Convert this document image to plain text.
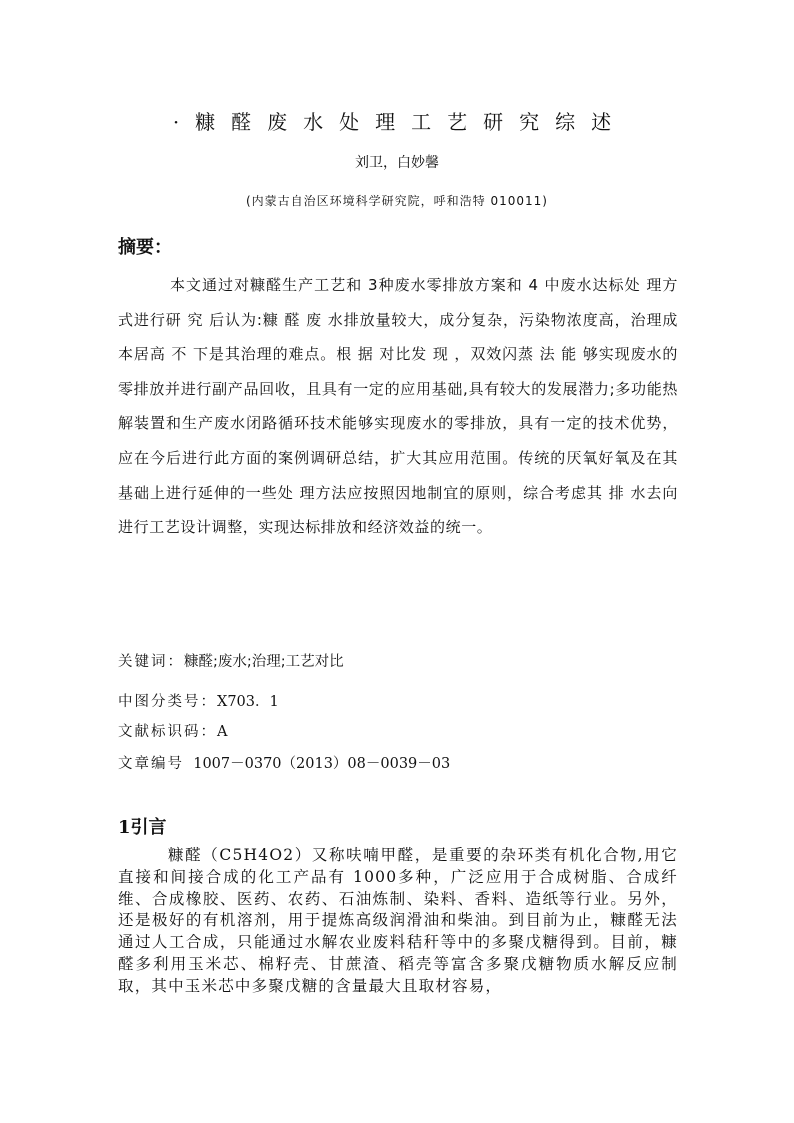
·糠醛废水处理工艺研究综述
刘卫，白妙馨
(内蒙古自治区环境科学研究院，呼和浩特 010011)
摘要：
本文通过对糠醛生产工艺和 3种废水零排放方案和 4 中废水达标处 理方式进行研 究 后认为:糠 醛 废 水排放量较大，成分复杂，污染物浓度高，治理成本居高 不 下是其治理的难点。根 据 对比发 现 ，双效闪蒸 法 能 够实现废水的零排放并进行副产品回收，且具有一定的应用基础,具有较大的发展潜力;多功能热解装置和生产废水闭路循环技术能够实现废水的零排放，具有一定的技术优势，应在今后进行此方面的案例调研总结，扩大其应用范围。传统的厌氧好氧及在其基础上进行延伸的一些处 理方法应按照因地制宜的原则，综合考虑其 排 水去向进行工艺设计调整，实现达标排放和经济效益的统一。
关键词：糠醛;废水;治理;工艺对比
中图分类号：X703．1
文献标识码：A
文章编号 1007－0370（2013）08－0039－03
1引言
糠醛（C5H4O2）又称呋喃甲醛，是重要的杂环类有机化合物,用它直接和间接合成的化工产品有 1000多种，广泛应用于合成树脂、合成纤维、合成橡胶、医药、农药、石油炼制、染料、香料、造纸等行业。另外，还是极好的有机溶剂，用于提炼高级润滑油和柴油。到目前为止，糠醛无法通过人工合成，只能通过水解农业废料秸秆等中的多聚戊糖得到。目前，糠醛多利用玉米芯、棉籽壳、甘蔗渣、稻壳等富含多聚戊糖物质水解反应制取，其中玉米芯中多聚戊糖的含量最大且取材容易，
